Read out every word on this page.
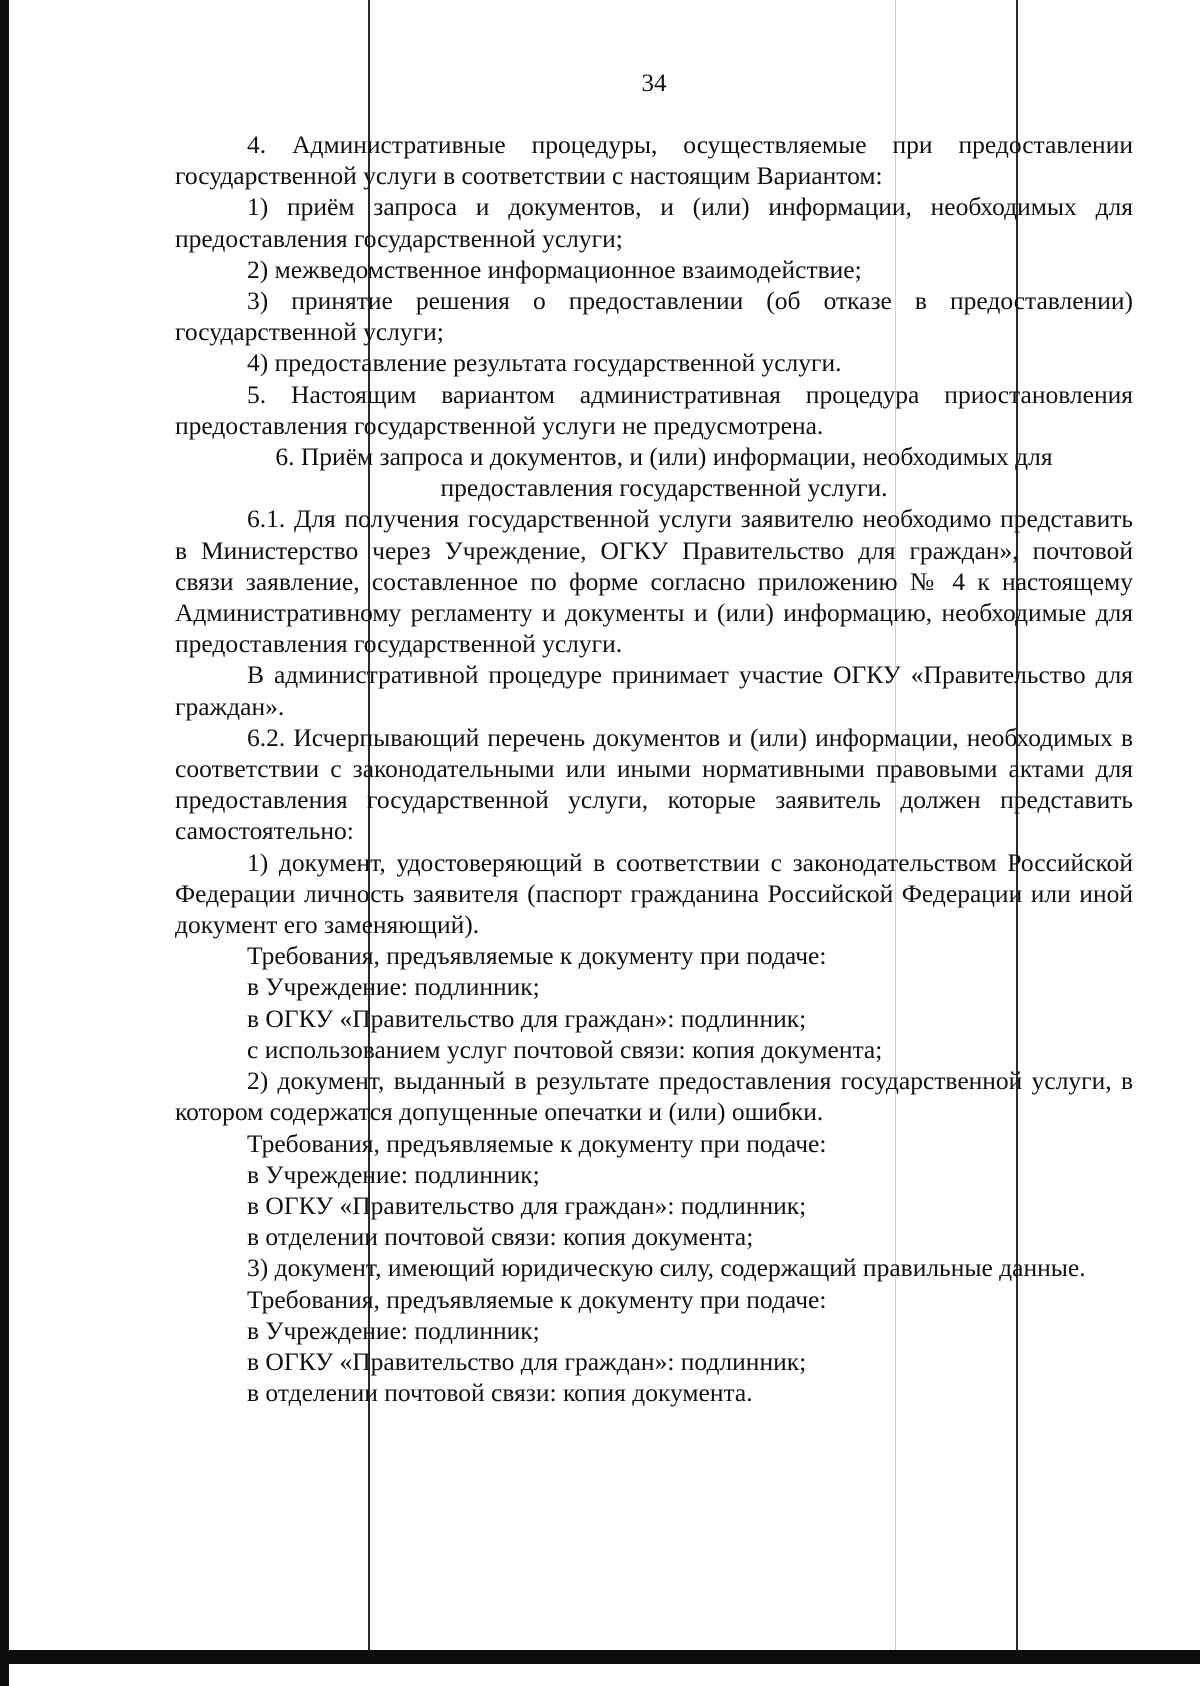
34

4. Административные процедуры, осуществляемые при предоставлении государственной услуги в соответствии с настоящим Вариантом:

1) приём запроса и документов, и (или) информации, необходимых для предоставления государственной услуги;

2) межведомственное информационное взаимодействие;

3) принятие решения о предоставлении (об отказе в предоставлении) государственной услуги;

4) предоставление результата государственной услуги.

5. Настоящим вариантом административная процедура приостановления предоставления государственной услуги не предусмотрена.

6. Приём запроса и документов, и (или) информации, необходимых для предоставления государственной услуги.

6.1. Для получения государственной услуги заявителю необходимо представить в Министерство через Учреждение, ОГКУ Правительство для граждан», почтовой связи заявление, составленное по форме согласно приложению № 4 к настоящему Административному регламенту и документы и (или) информацию, необходимые для предоставления государственной услуги.

В административной процедуре принимает участие ОГКУ «Правительство для граждан».

6.2. Исчерпывающий перечень документов и (или) информации, необходимых в соответствии с законодательными или иными нормативными правовыми актами для предоставления государственной услуги, которые заявитель должен представить самостоятельно:

1) документ, удостоверяющий в соответствии с законодательством Российской Федерации личность заявителя (паспорт гражданина Российской Федерации или иной документ его заменяющий).

Требования, предъявляемые к документу при подаче:

в Учреждение: подлинник;

в ОГКУ «Правительство для граждан»: подлинник;

с использованием услуг почтовой связи: копия документа;

2) документ, выданный в результате предоставления государственной услуги, в котором содержатся допущенные опечатки и (или) ошибки.

Требования, предъявляемые к документу при подаче:

в Учреждение: подлинник;

в ОГКУ «Правительство для граждан»: подлинник;

в отделении почтовой связи: копия документа;

3) документ, имеющий юридическую силу, содержащий правильные данные.

Требования, предъявляемые к документу при подаче:

в Учреждение: подлинник;

в ОГКУ «Правительство для граждан»: подлинник;

в отделении почтовой связи: копия документа.
